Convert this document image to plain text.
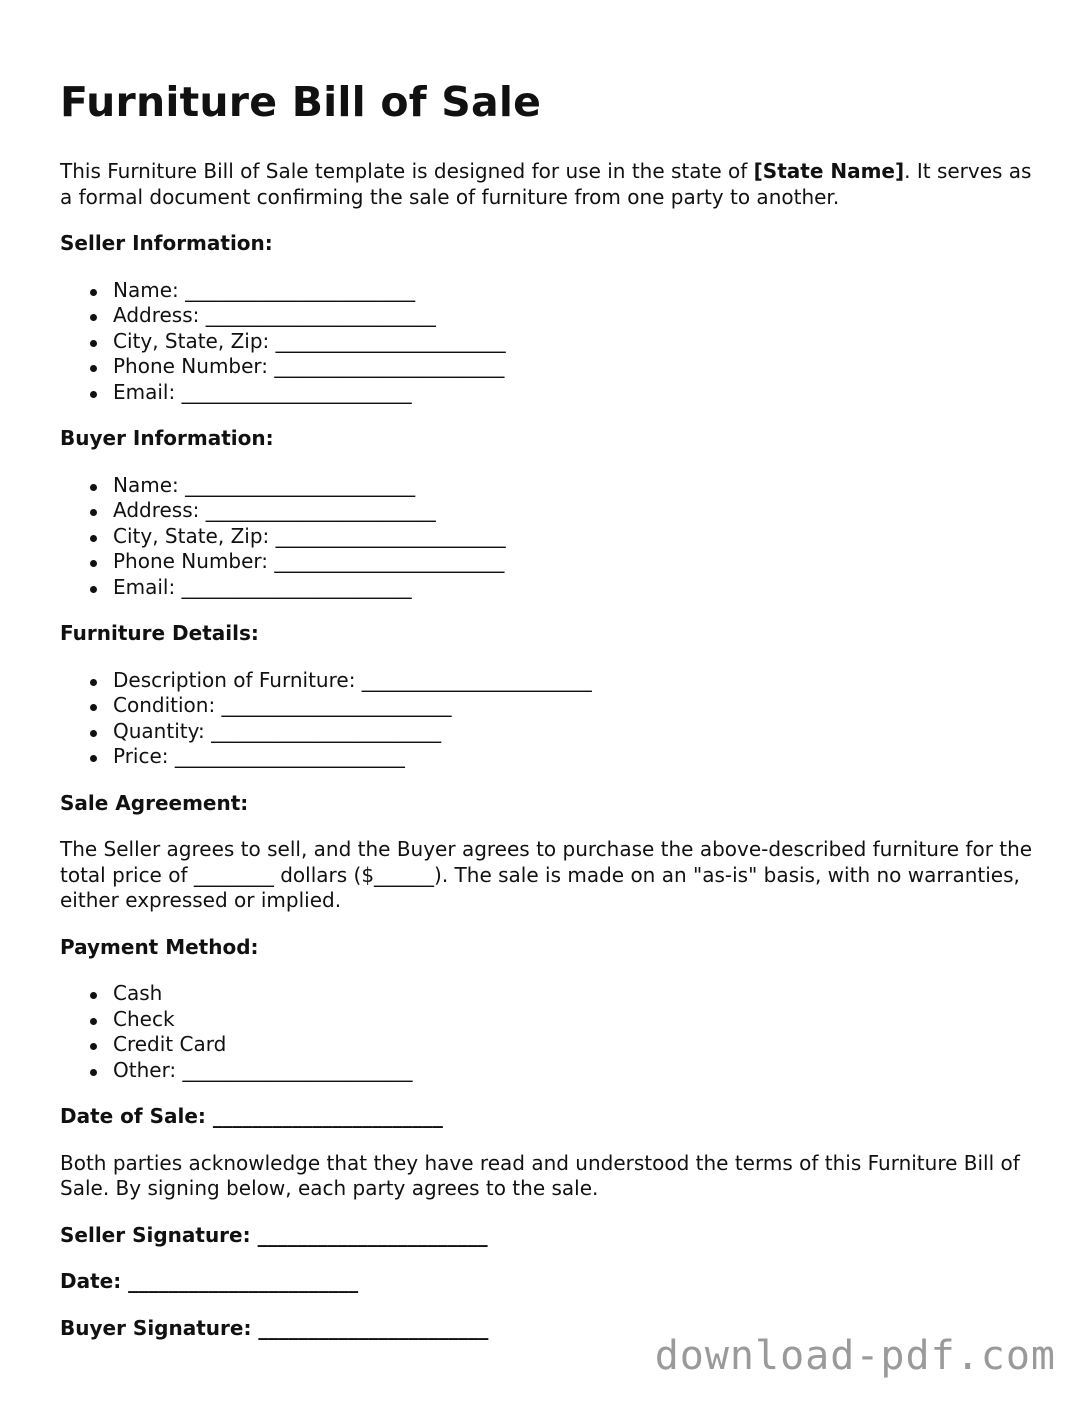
Furniture Bill of Sale

This Furniture Bill of Sale template is designed for use in the state of [State Name]. It serves as a formal document confirming the sale of furniture from one party to another.

Seller Information:
Name: _______________________
Address: _______________________
City, State, Zip: _______________________
Phone Number: _______________________
Email: _______________________
Buyer Information:
Name: _______________________
Address: _______________________
City, State, Zip: _______________________
Phone Number: _______________________
Email: _______________________
Furniture Details:
Description of Furniture: _______________________
Condition: _______________________
Quantity: _______________________
Price: _______________________
Sale Agreement:

The Seller agrees to sell, and the Buyer agrees to purchase the above-described furniture for the total price of ________ dollars ($______). The sale is made on an "as-is" basis, with no warranties, either expressed or implied.

Payment Method:
Cash
Check
Credit Card
Other: _______________________
Date of Sale: _______________________

Both parties acknowledge that they have read and understood the terms of this Furniture Bill of Sale. By signing below, each party agrees to the sale.

Seller Signature: _______________________
Date: _______________________
Buyer Signature: _______________________
download-pdf.com
